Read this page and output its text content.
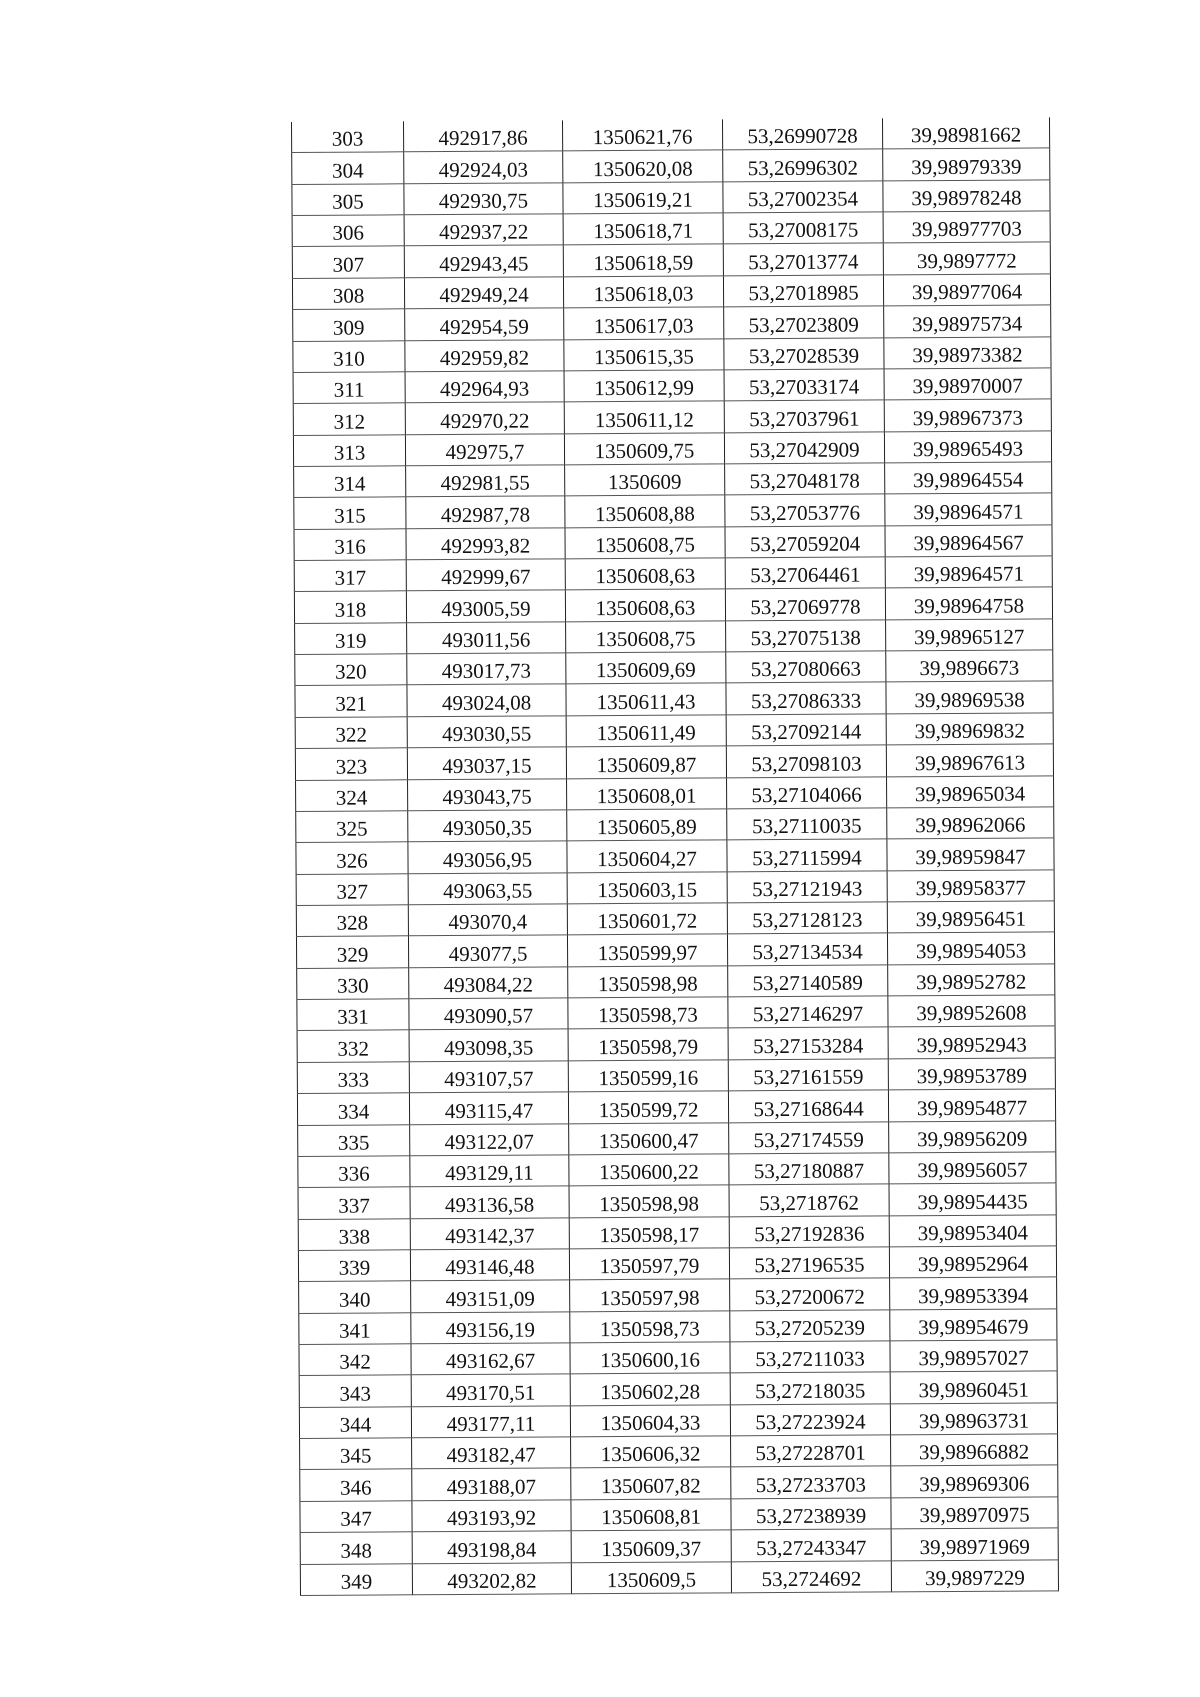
303	492917,86	1350621,76	53,26990728	39,98981662
304	492924,03	1350620,08	53,26996302	39,98979339
305	492930,75	1350619,21	53,27002354	39,98978248
306	492937,22	1350618,71	53,27008175	39,98977703
307	492943,45	1350618,59	53,27013774	39,9897772
308	492949,24	1350618,03	53,27018985	39,98977064
309	492954,59	1350617,03	53,27023809	39,98975734
310	492959,82	1350615,35	53,27028539	39,98973382
311	492964,93	1350612,99	53,27033174	39,98970007
312	492970,22	1350611,12	53,27037961	39,98967373
313	492975,7	1350609,75	53,27042909	39,98965493
314	492981,55	1350609	53,27048178	39,98964554
315	492987,78	1350608,88	53,27053776	39,98964571
316	492993,82	1350608,75	53,27059204	39,98964567
317	492999,67	1350608,63	53,27064461	39,98964571
318	493005,59	1350608,63	53,27069778	39,98964758
319	493011,56	1350608,75	53,27075138	39,98965127
320	493017,73	1350609,69	53,27080663	39,9896673
321	493024,08	1350611,43	53,27086333	39,98969538
322	493030,55	1350611,49	53,27092144	39,98969832
323	493037,15	1350609,87	53,27098103	39,98967613
324	493043,75	1350608,01	53,27104066	39,98965034
325	493050,35	1350605,89	53,27110035	39,98962066
326	493056,95	1350604,27	53,27115994	39,98959847
327	493063,55	1350603,15	53,27121943	39,98958377
328	493070,4	1350601,72	53,27128123	39,98956451
329	493077,5	1350599,97	53,27134534	39,98954053
330	493084,22	1350598,98	53,27140589	39,98952782
331	493090,57	1350598,73	53,27146297	39,98952608
332	493098,35	1350598,79	53,27153284	39,98952943
333	493107,57	1350599,16	53,27161559	39,98953789
334	493115,47	1350599,72	53,27168644	39,98954877
335	493122,07	1350600,47	53,27174559	39,98956209
336	493129,11	1350600,22	53,27180887	39,98956057
337	493136,58	1350598,98	53,2718762	39,98954435
338	493142,37	1350598,17	53,27192836	39,98953404
339	493146,48	1350597,79	53,27196535	39,98952964
340	493151,09	1350597,98	53,27200672	39,98953394
341	493156,19	1350598,73	53,27205239	39,98954679
342	493162,67	1350600,16	53,27211033	39,98957027
343	493170,51	1350602,28	53,27218035	39,98960451
344	493177,11	1350604,33	53,27223924	39,98963731
345	493182,47	1350606,32	53,27228701	39,98966882
346	493188,07	1350607,82	53,27233703	39,98969306
347	493193,92	1350608,81	53,27238939	39,98970975
348	493198,84	1350609,37	53,27243347	39,98971969
349	493202,82	1350609,5	53,2724692	39,9897229
